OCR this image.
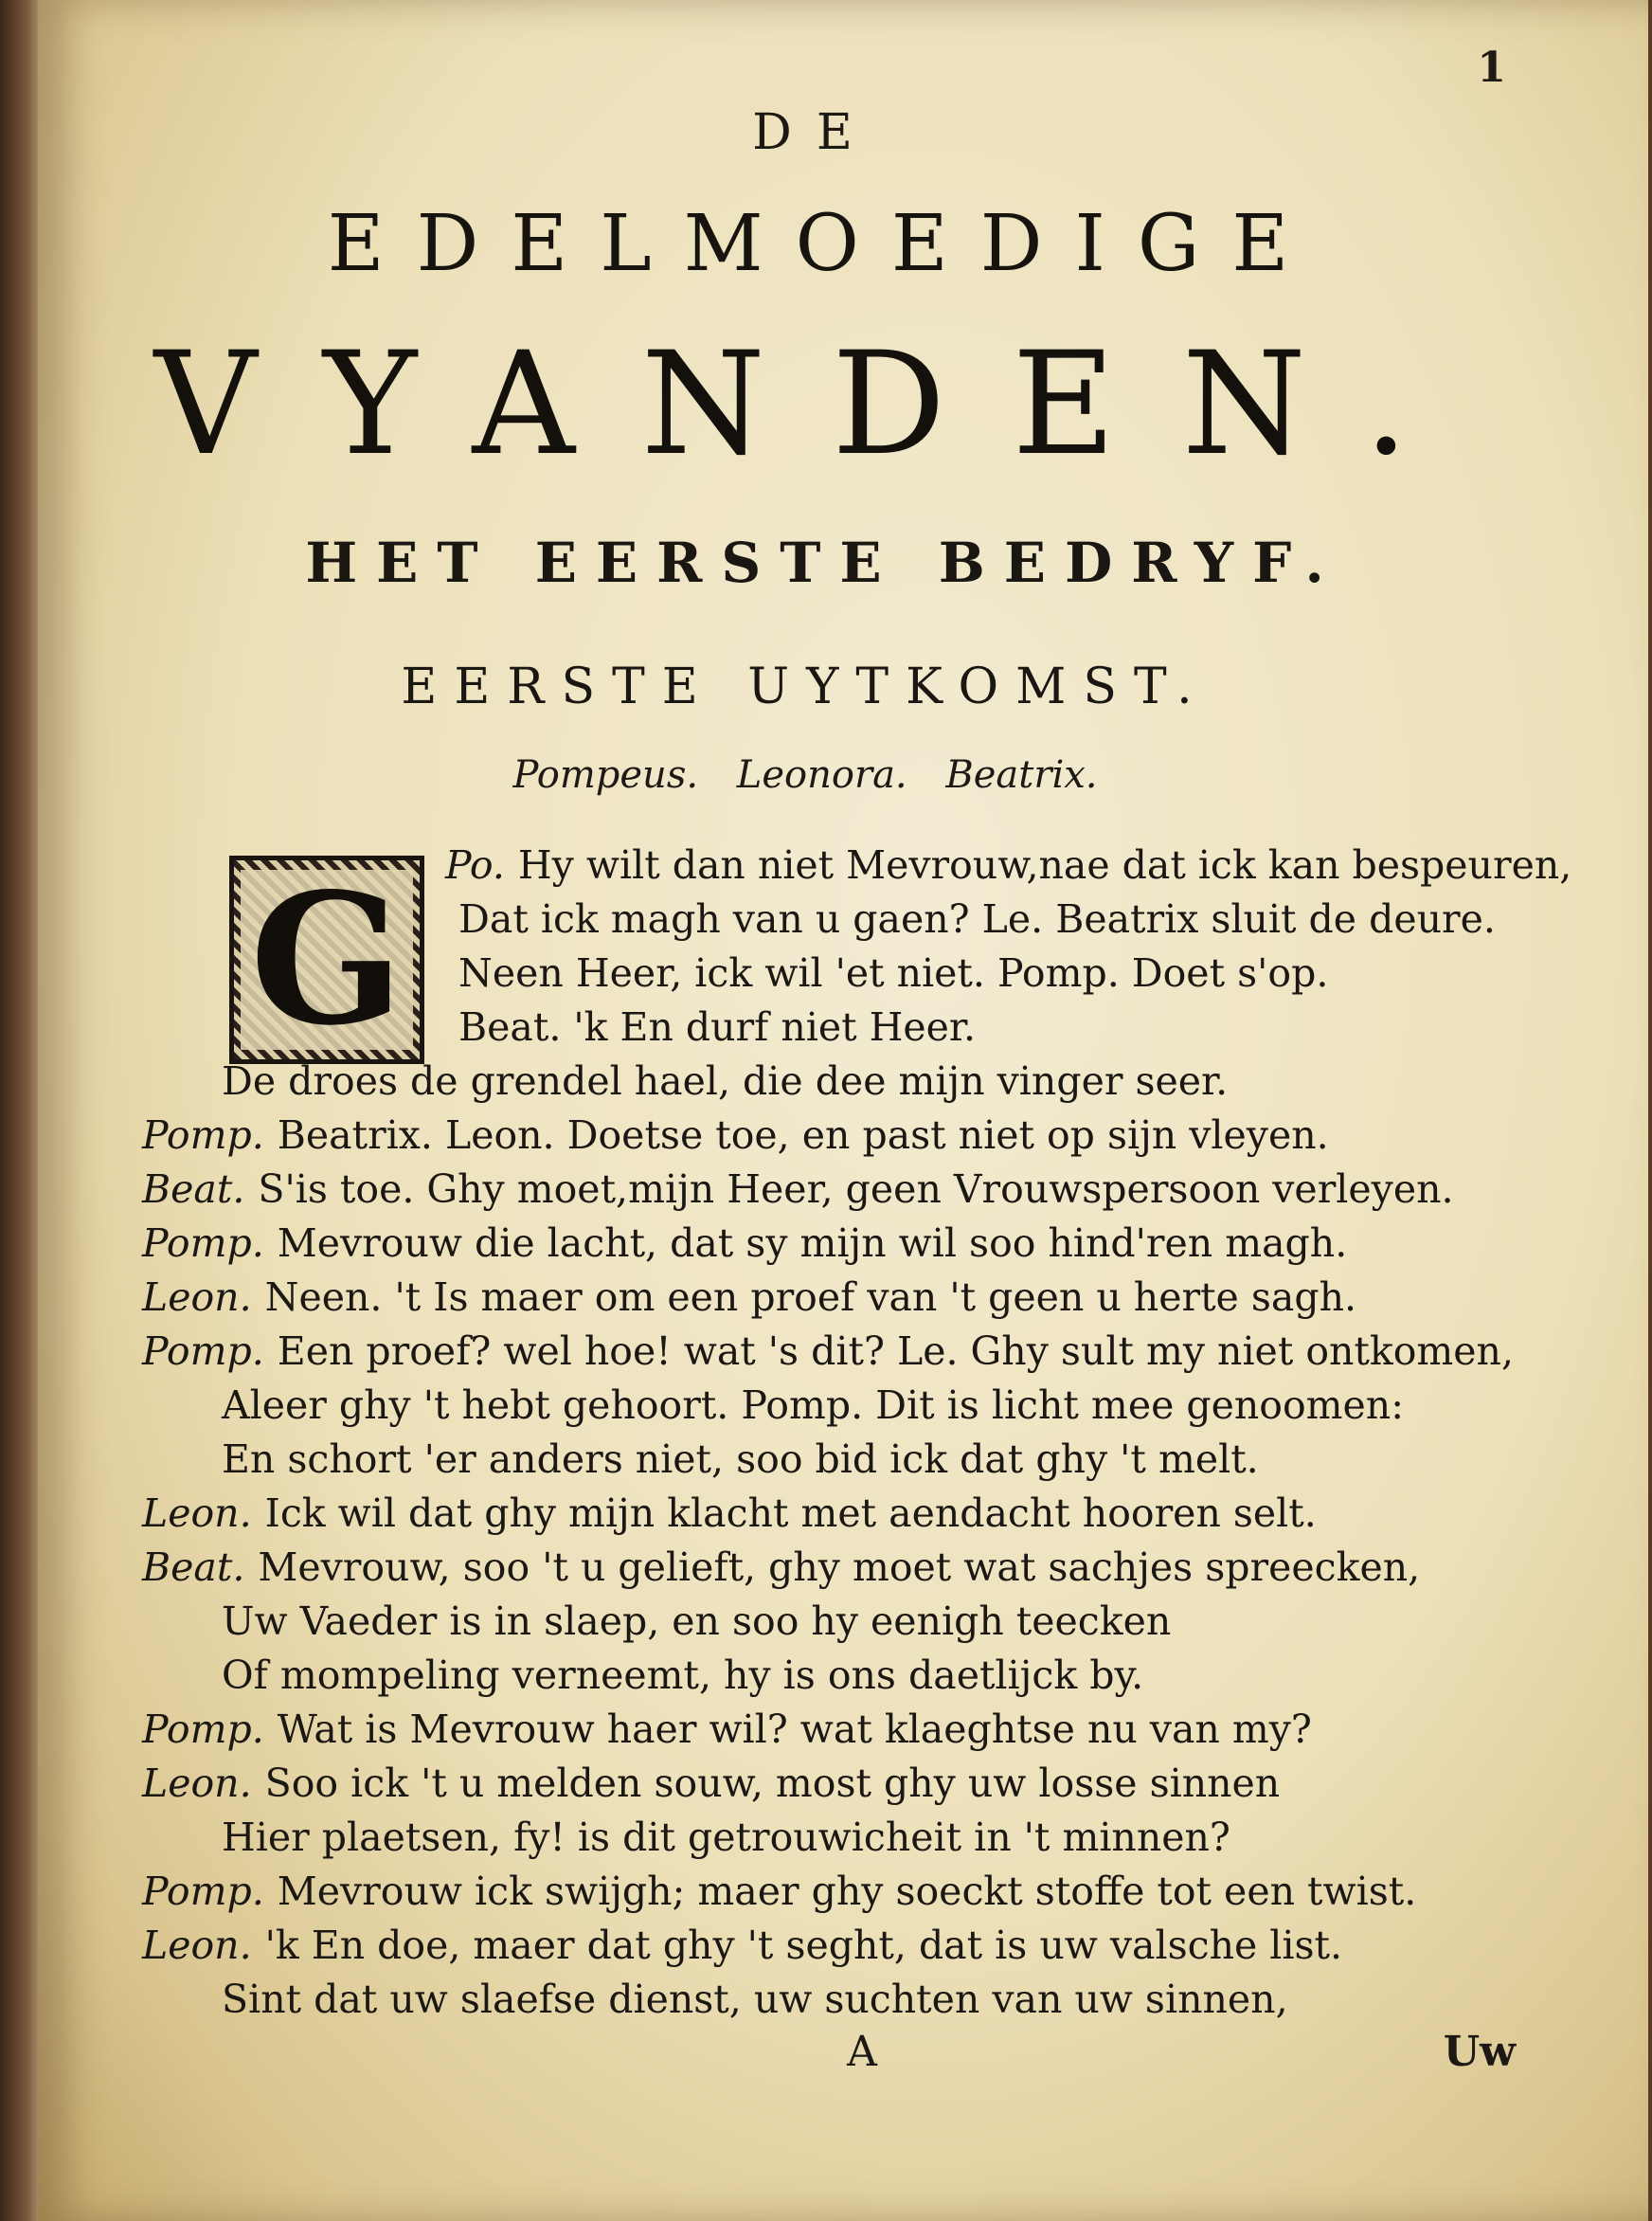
1
DE
EDELMOEDIGE
VYANDEN.
HET EERSTE BEDRYF.
EERSTE UYTKOMST.
Pompeus. Leonora. Beatrix.
G	Po. Hy wilt dan niet Mevrouw,nae dat ick kan bespeuren,
Dat ick magh van u gaen? Le. Beatrix sluit de deure.
Neen Heer, ick wil 'et niet. Pomp. Doet s'op.
Beat. 'k En durf niet Heer.
De droes de grendel hael, die dee mijn vinger seer.
Pomp. Beatrix. Leon. Doetse toe, en past niet op sijn vleyen.
Beat. S'is toe. Ghy moet,mijn Heer, geen Vrouwspersoon verleyen.
Pomp. Mevrouw die lacht, dat sy mijn wil soo hind'ren magh.
Leon. Neen. 't Is maer om een proef van 't geen u herte sagh.
Pomp. Een proef? wel hoe! wat 's dit? Le. Ghy sult my niet ontkomen,
Aleer ghy 't hebt gehoort. Pomp. Dit is licht mee genoomen:
En schort 'er anders niet, soo bid ick dat ghy 't melt.
Leon. Ick wil dat ghy mijn klacht met aendacht hooren selt.
Beat. Mevrouw, soo 't u gelieft, ghy moet wat sachjes spreecken,
Uw Vaeder is in slaep, en soo hy eenigh teecken
Of mompeling verneemt, hy is ons daetlijck by.
Pomp. Wat is Mevrouw haer wil? wat klaeghtse nu van my?
Leon. Soo ick 't u melden souw, most ghy uw losse sinnen
Hier plaetsen, fy! is dit getrouwicheit in 't minnen?
Pomp. Mevrouw ick swijgh; maer ghy soeckt stoffe tot een twist.
Leon. 'k En doe, maer dat ghy 't seght, dat is uw valsche list.
Sint dat uw slaefse dienst, uw suchten van uw sinnen,
A	Uw
